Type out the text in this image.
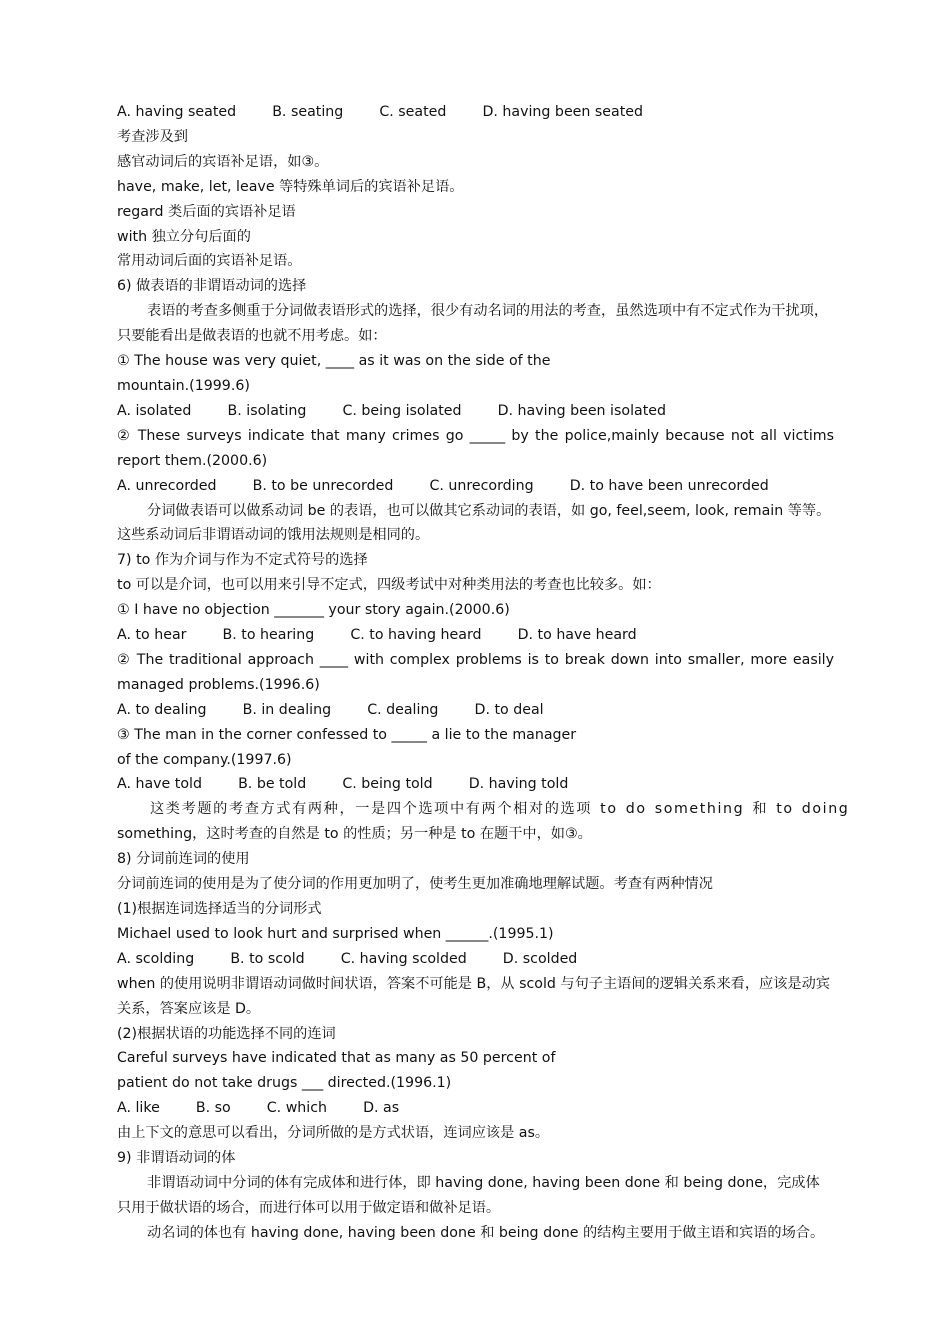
A. having seated        B. seating        C. seated        D. having been seated
考查涉及到
感官动词后的宾语补足语，如③。
have, make, let, leave 等特殊单词后的宾语补足语。
regard 类后面的宾语补足语
with 独立分句后面的
常用动词后面的宾语补足语。
6) 做表语的非谓语动词的选择
表语的考查多侧重于分词做表语形式的选择，很少有动名词的用法的考查，虽然选项中有不定式作为干扰项，
只要能看出是做表语的也就不用考虑。如：
① The house was very quiet, ____ as it was on the side of the
mountain.(1999.6)
A. isolated        B. isolating        C. being isolated        D. having been isolated
② These surveys indicate that many crimes go _____ by the police,mainly because not all victims
report them.(2000.6)
A. unrecorded        B. to be unrecorded        C. unrecording        D. to have been unrecorded
分词做表语可以做系动词 be 的表语，也可以做其它系动词的表语，如 go, feel,seem, look, remain 等等。
这些系动词后非谓语动词的饿用法规则是相同的。
7) to 作为介词与作为不定式符号的选择
to 可以是介词，也可以用来引导不定式，四级考试中对种类用法的考查也比较多。如：
① I have no objection _______ your story again.(2000.6)
A. to hear        B. to hearing        C. to having heard        D. to have heard
② The traditional approach ____ with complex problems is to break down into smaller, more easily
managed problems.(1996.6)
A. to dealing        B. in dealing        C. dealing        D. to deal
③ The man in the corner confessed to _____ a lie to the manager
of the company.(1997.6)
A. have told        B. be told        C. being told        D. having told
这类考题的考查方式有两种，一是四个选项中有两个相对的选项 to do something 和 to doing
something，这时考查的自然是 to 的性质；另一种是 to 在题干中，如③。
8) 分词前连词的使用
分词前连词的使用是为了使分词的作用更加明了，使考生更加准确地理解试题。考查有两种情况
(1)根据连词选择适当的分词形式
Michael used to look hurt and surprised when ______.(1995.1)
A. scolding        B. to scold        C. having scolded        D. scolded
when 的使用说明非谓语动词做时间状语，答案不可能是 B，从 scold 与句子主语间的逻辑关系来看，应该是动宾
关系，答案应该是 D。
(2)根据状语的功能选择不同的连词
Careful surveys have indicated that as many as 50 percent of
patient do not take drugs ___ directed.(1996.1)
A. like        B. so        C. which        D. as
由上下文的意思可以看出，分词所做的是方式状语，连词应该是 as。
9) 非谓语动词的体
非谓语动词中分词的体有完成体和进行体，即 having done, having been done 和 being done，完成体
只用于做状语的场合，而进行体可以用于做定语和做补足语。
动名词的体也有 having done, having been done 和 being done 的结构主要用于做主语和宾语的场合。
